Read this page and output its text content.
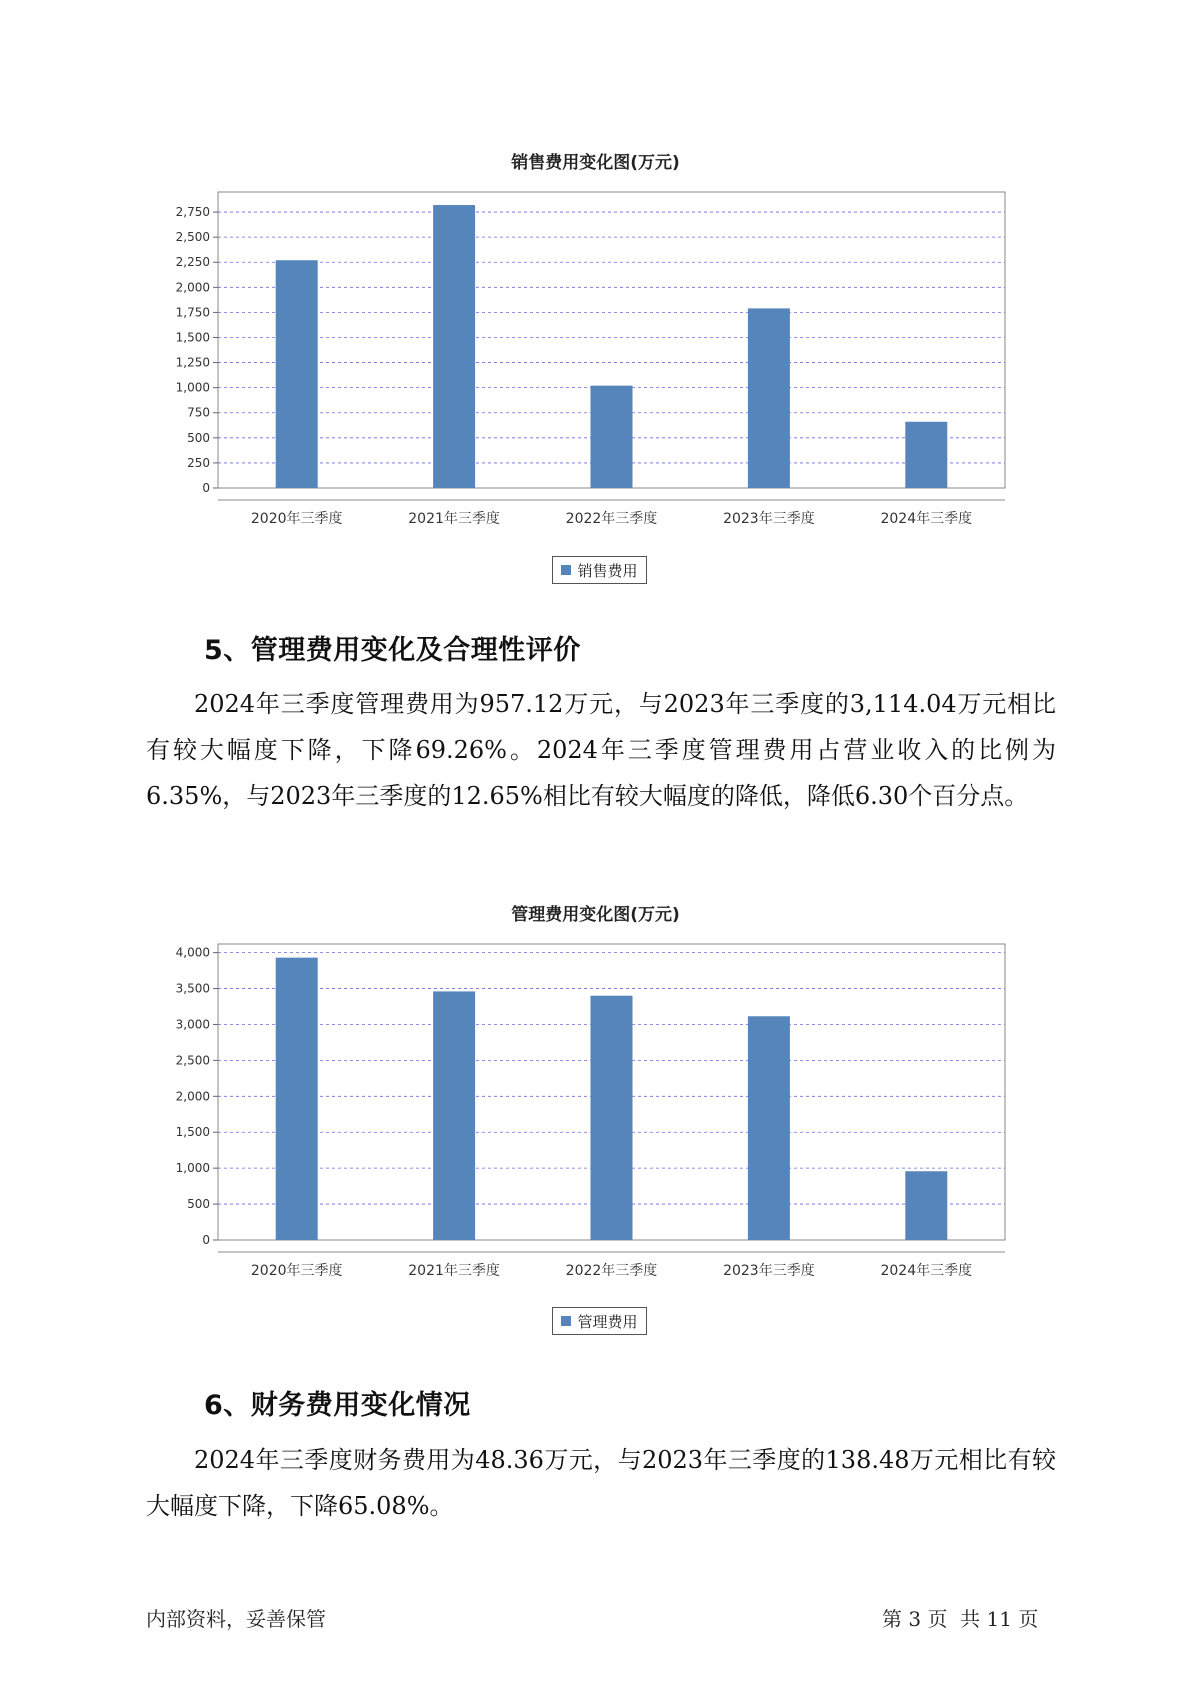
销售费用变化图(万元)
0
250
500
750
1,000
1,250
1,500
1,750
2,000
2,250
2,500
2,750
2020年三季度	2021年三季度	2022年三季度	2023年三季度	2024年三季度
销售费用
5、管理费用变化及合理性评价

2024年三季度管理费用为957.12万元，与2023年三季度的3,114.04万元相比有较大幅度下降，下降69.26%。2024年三季度管理费用占营业收入的比例为6.35%，与2023年三季度的12.65%相比有较大幅度的降低，降低6.30个百分点。

管理费用变化图(万元)
0
500
1,000
1,500
2,000
2,500
3,000
3,500
4,000
2020年三季度	2021年三季度	2022年三季度	2023年三季度	2024年三季度
管理费用
6、财务费用变化情况

2024年三季度财务费用为48.36万元，与2023年三季度的138.48万元相比有较大幅度下降，下降65.08%。

内部资料，妥善保管	第 3 页  共 11 页
